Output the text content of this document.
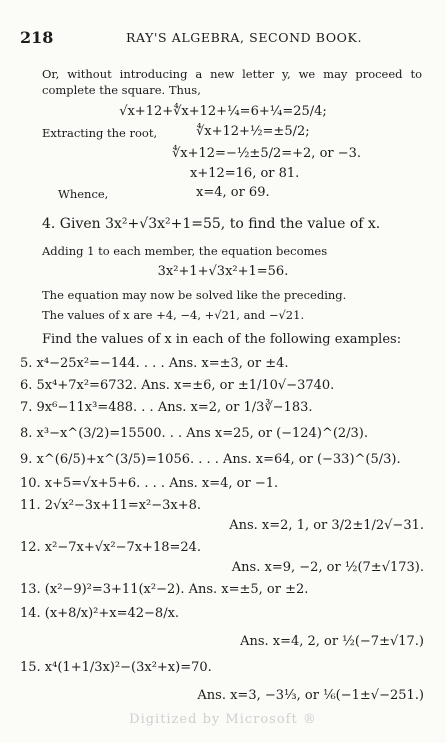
218	RAY'S ALGEBRA, SECOND BOOK.
Or, without introducing a new letter y, we may proceed to complete the square. Thus,
√x+12+∜x+12+¼=6+¼=25/4;
Extracting the root,	∜x+12+½=±5/2;
∜x+12=−½±5/2=+2, or −3.
x+12=16, or 81.
Whence,	x=4, or 69.
4. Given 3x²+√3x²+1=55, to find the value of x.
Adding 1 to each member, the equation becomes
3x²+1+√3x²+1=56.
The equation may now be solved like the preceding.
The values of x are +4, −4, +√21, and −√21.
Find the values of x in each of the following examples:
5. x⁴−25x²=−144. . . . Ans. x=±3, or ±4.
6. 5x⁴+7x²=6732. Ans. x=±6, or ±1/10√−3740.
7. 9x⁶−11x³=488. . . Ans. x=2, or 1/3∛−183.
8. x³−x^(3/2)=15500. . . Ans x=25, or (−124)^(2/3).
9. x^(6/5)+x^(3/5)=1056. . . . Ans. x=64, or (−33)^(5/3).
10. x+5=√x+5+6. . . . Ans. x=4, or −1.
11. 2√x²−3x+11=x²−3x+8.
Ans. x=2, 1, or 3/2±1/2√−31.
12. x²−7x+√x²−7x+18=24.
Ans. x=9, −2, or ½(7±√173).
13. (x²−9)²=3+11(x²−2). Ans. x=±5, or ±2.
14. (x+8/x)²+x=42−8/x.
Ans. x=4, 2, or ½(−7±√17.)
15. x⁴(1+1/3x)²−(3x²+x)=70.
Ans. x=3, −3⅓, or ⅙(−1±√−251.)
Digitized by Microsoft ®
